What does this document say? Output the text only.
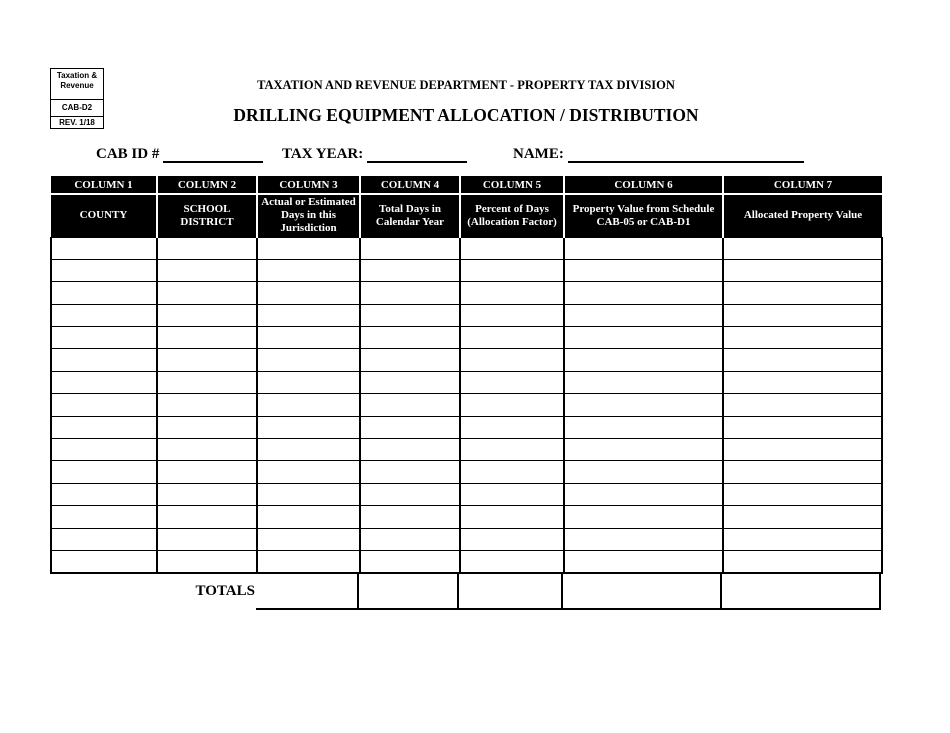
Taxation & Revenue
CAB-D2
REV. 1/18
TAXATION AND REVENUE DEPARTMENT - PROPERTY TAX DIVISION
DRILLING EQUIPMENT ALLOCATION / DISTRIBUTION
CAB ID #	TAX YEAR:	NAME:
COLUMN 1	COLUMN 2	COLUMN 3	COLUMN 4	COLUMN 5	COLUMN 6	COLUMN 7
COUNTY	SCHOOL DISTRICT	Actual or Estimated Days in this Jurisdiction	Total Days in Calendar Year	Percent of Days (Allocation Factor)	Property Value from Schedule CAB-05 or CAB-D1	Allocated Property Value

TOTALS
